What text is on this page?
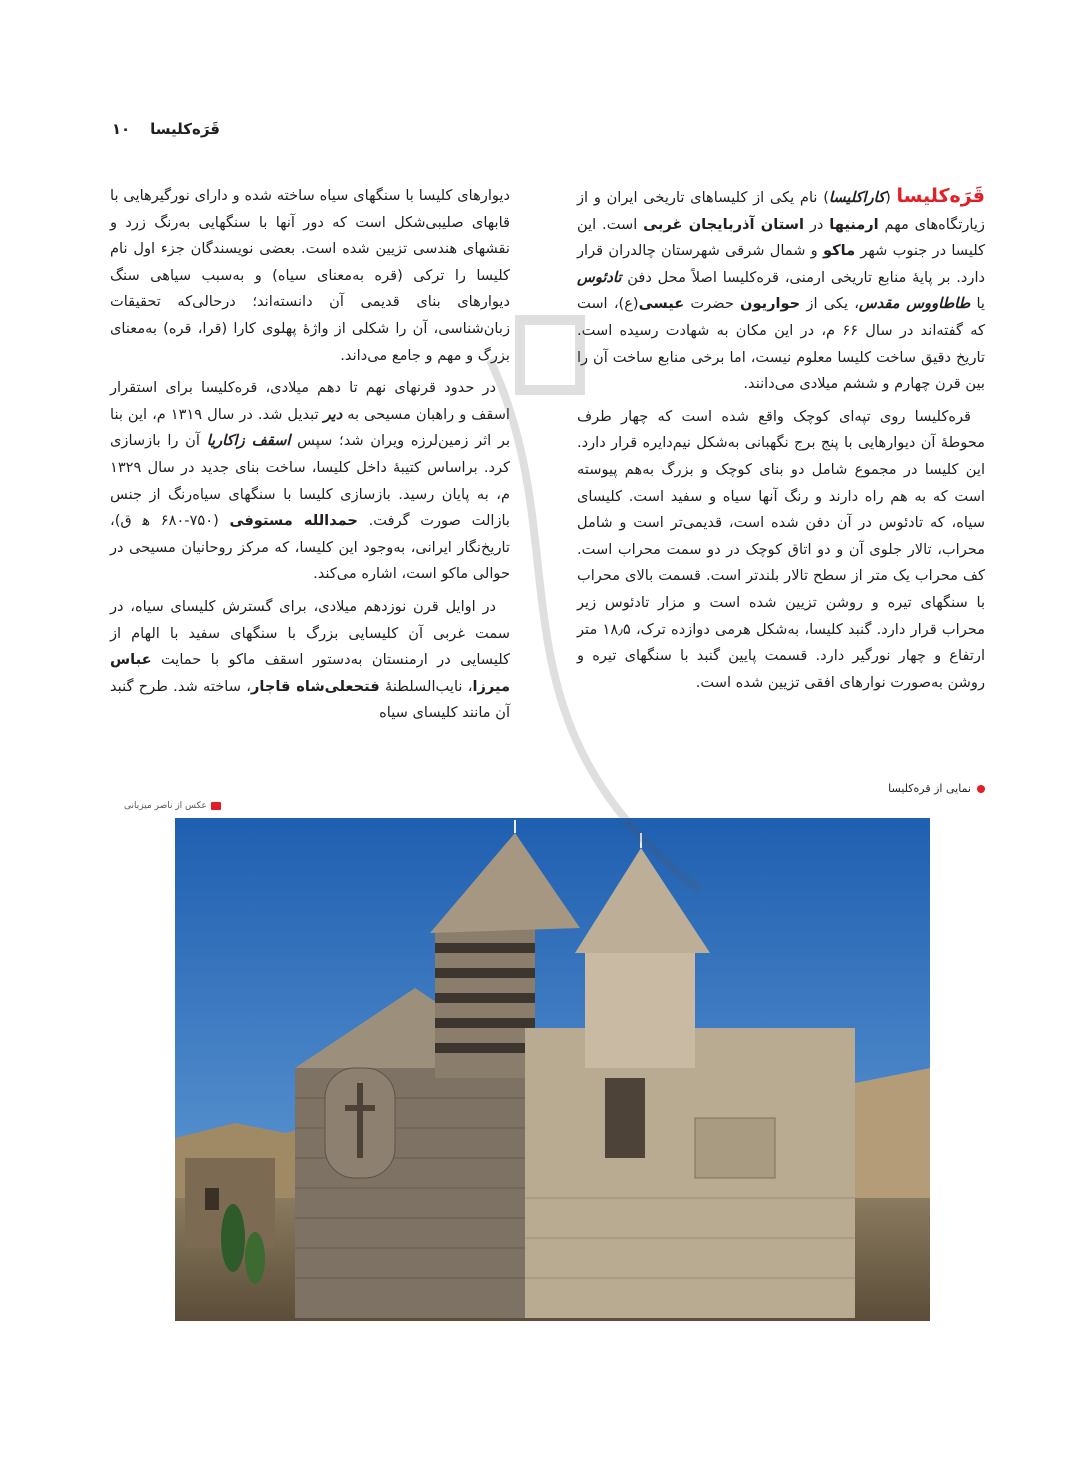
قَرَه‌کلیسا
۱۰

قَرَه‌کلیسا (کاراکلیسا) نام یکی از کلیساهای تاریخی ایران و از زیارتگاه‌های مهم ارمنیها در استان آذربایجان غربی است. این کلیسا در جنوب شهر ماکو و شمال شرقی شهرستان چالدران قرار دارد. بر پایهٔ منابع تاریخی ارمنی، قره‌کلیسا اصلاً محل دفن تادئوس یا طاطاووس مقدس، یکی از حواریون حضرت عیسی(ع)، است که گفته‌اند در سال ۶۶ م، در این مکان به شهادت رسیده است. تاریخ دقیق ساخت کلیسا معلوم نیست، اما برخی منابع ساخت آن را بین قرن چهارم و ششم میلادی می‌دانند.

قره‌کلیسا روی تپه‌ای کوچک واقع شده است که چهار طرف محوطهٔ آن دیوارهایی با پنج برج نگهبانی به‌شکل نیم‌دایره قرار دارد. این کلیسا در مجموع شامل دو بنای کوچک و بزرگ به‌هم پیوسته است که به هم راه دارند و رنگ آنها سیاه و سفید است. کلیسای سیاه، که تادئوس در آن دفن شده است، قدیمی‌تر است و شامل محراب، تالار جلوی آن و دو اتاق کوچک در دو سمت محراب است. کف محراب یک متر از سطح تالار بلندتر است. قسمت بالای محراب با سنگهای تیره و روشن تزیین شده است و مزار تادئوس زیر محراب قرار دارد. گنبد کلیسا، به‌شکل هرمی دوازده ترک، ۱۸٫۵ متر ارتفاع و چهار نورگیر دارد. قسمت پایین گنبد با سنگهای تیره و روشن به‌صورت نوارهای افقی تزیین شده است.

دیوارهای کلیسا با سنگهای سیاه ساخته شده و دارای نورگیرهایی با قابهای صلیبی‌شکل است که دور آنها با سنگهایی به‌رنگ زرد و نقشهای هندسی تزیین شده است. بعضی نویسندگان جزء اول نام کلیسا را ترکی (قره به‌معنای سیاه) و به‌سبب سیاهی سنگ دیوارهای بنای قدیمی آن دانسته‌اند؛ درحالی‌که تحقیقات زبان‌شناسی، آن را شکلی از واژهٔ پهلوی کارا (قرا، قره) به‌معنای بزرگ و مهم و جامع می‌داند.

در حدود قرنهای نهم تا دهم میلادی، قره‌کلیسا برای استقرار اسقف و راهبان مسیحی به دیر تبدیل شد. در سال ۱۳۱۹ م، این بنا بر اثر زمین‌لرزه ویران شد؛ سپس اسقف زاکاریا آن را بازسازی کرد. براساس کتیبهٔ داخل کلیسا، ساخت بنای جدید در سال ۱۳۲۹ م، به پایان رسید. بازسازی کلیسا با سنگهای سیاه‌رنگ از جنس بازالت صورت گرفت. حمدالله مستوفی (۷۵۰-۶۸۰ ه‍ ق)، تاریخ‌نگار ایرانی، به‌وجود این کلیسا، که مرکز روحانیان مسیحی در حوالی ماکو است، اشاره می‌کند.

در اوایل قرن نوزدهم میلادی، برای گسترش کلیسای سیاه، در سمت غربی آن کلیسایی بزرگ با سنگهای سفید با الهام از کلیسایی در ارمنستان به‌دستور اسقف ماکو با حمایت عباس میرزا، نایب‌السلطنهٔ فتحعلی‌شاه قاجار، ساخته شد. طرح گنبد آن مانند کلیسای سیاه

نمایی از قره‌کلیسا
عکس از ناصر میزبانی
